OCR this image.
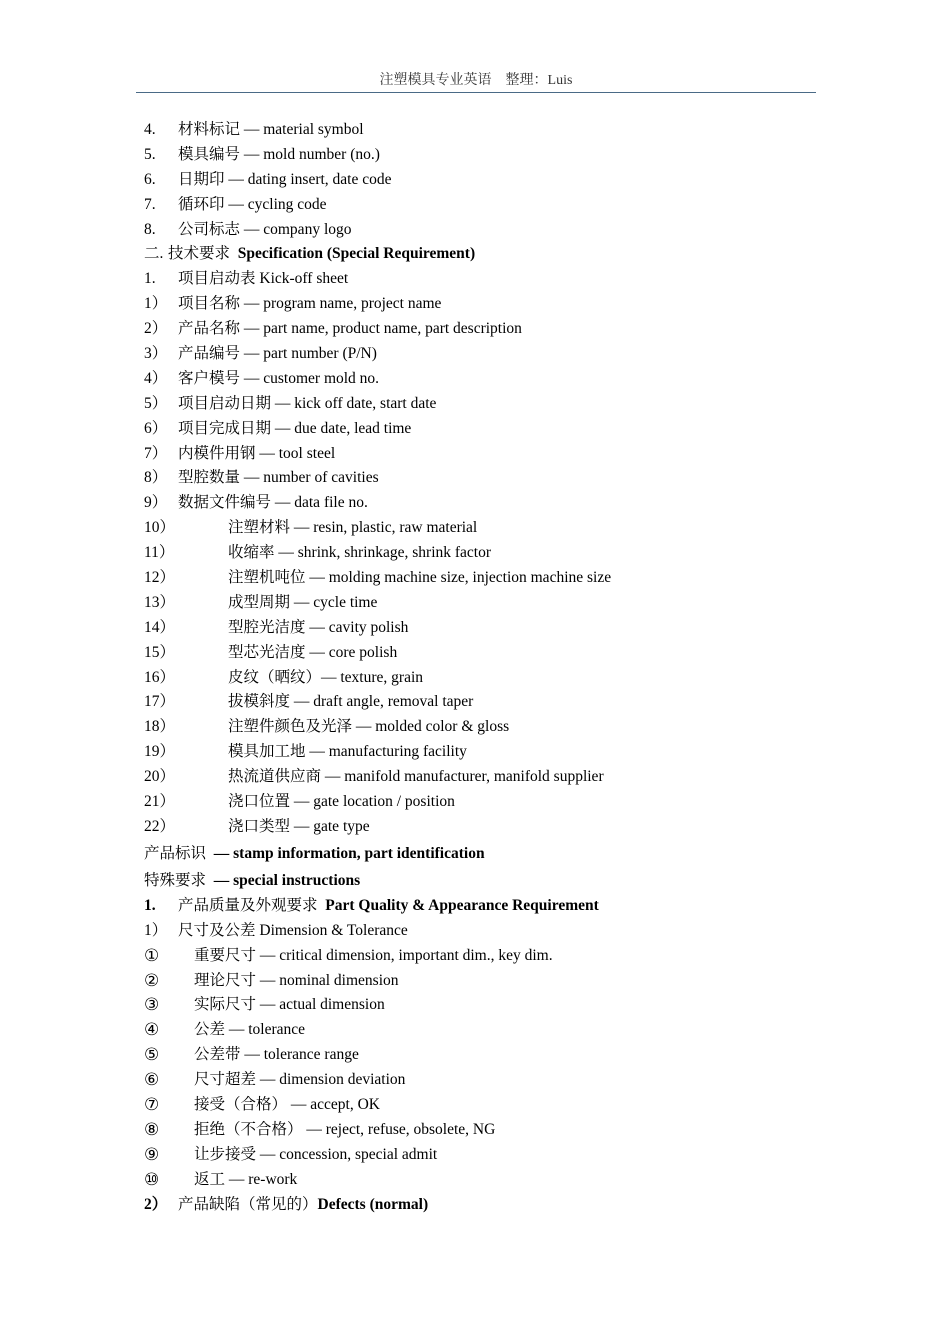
注塑模具专业英语　整理：Luis
4. 材料标记 — material symbol
5. 模具编号 — mold number (no.)
6. 日期印 — dating insert, date code
7. 循环印 — cycling code
8. 公司标志 — company logo
二. 技术要求 Specification (Special Requirement)
1. 项目启动表 Kick-off sheet
1） 项目名称 — program name, project name
2） 产品名称 — part name, product name, part description
3） 产品编号 — part number (P/N)
4） 客户模号 — customer mold no.
5） 项目启动日期 — kick off date, start date
6） 项目完成日期 — due date, lead time
7） 内模件用钢 — tool steel
8） 型腔数量 — number of cavities
9） 数据文件编号 — data file no.
10）	注塑材料 — resin, plastic, raw material
11）	收缩率 — shrink, shrinkage, shrink factor
12）	注塑机吨位 — molding machine size, injection machine size
13）	成型周期 — cycle time
14）	型腔光洁度 — cavity polish
15）	型芯光洁度 — core polish
16）	皮纹（晒纹）— texture, grain
17）	拔模斜度 — draft angle, removal taper
18）	注塑件颜色及光泽 — molded color & gloss
19）	模具加工地 — manufacturing facility
20）	热流道供应商 — manifold manufacturer, manifold supplier
21）	浇口位置 — gate location / position
22）	浇口类型 — gate type
产品标识 — stamp information, part identification
特殊要求 — special instructions
1. 产品质量及外观要求 Part Quality & Appearance Requirement
1） 尺寸及公差 Dimension & Tolerance
① 重要尺寸 — critical dimension, important dim., key dim.
② 理论尺寸 — nominal dimension
③ 实际尺寸 — actual dimension
④ 公差 — tolerance
⑤ 公差带 — tolerance range
⑥ 尺寸超差 — dimension deviation
⑦ 接受（合格） — accept, OK
⑧ 拒绝（不合格） — reject, refuse, obsolete, NG
⑨ 让步接受 — concession, special admit
⑩ 返工 — re-work
2） 产品缺陷（常见的）Defects (normal)
